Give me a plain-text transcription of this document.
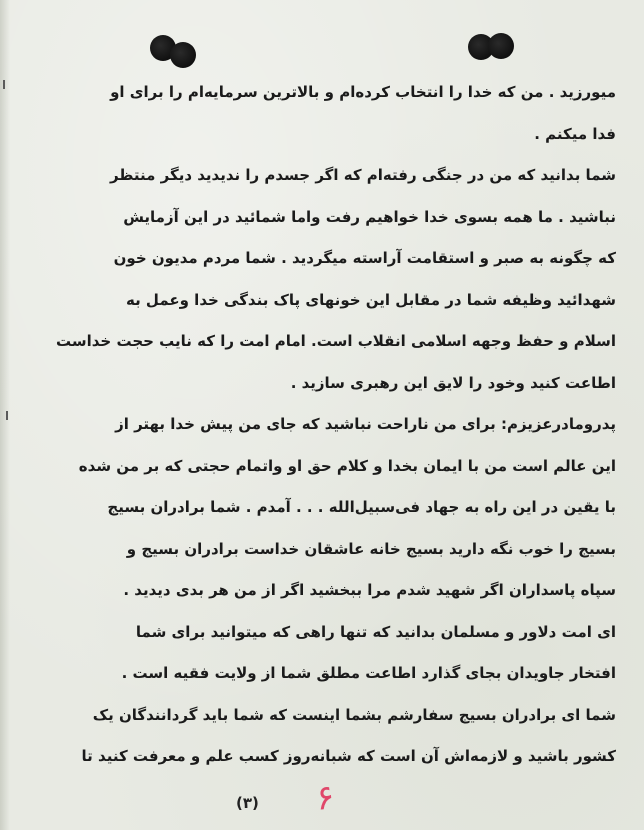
میورزید . من که خدا را انتخاب کرده‌ام و بالاترین سرمایه‌ام را برای او
فدا میکنم .
شما بدانید که من در جنگی رفته‌ام که اگر جسدم را ندیدید دیگر منتظر
نباشید . ما همه بسوی خدا خواهیم رفت واما شمائید در این آزمایش
که چگونه به صبر و استقامت آراسته میگردید . شما مردم مدیون خون
شهدائید وظیفه شما در مقابل این خونهای پاک بندگی خدا وعمل به
اسلام و حفظ وجهه اسلامی انقلاب است. امام امت را که نایب حجت خداست
اطاعت کنید وخود را لایق این رهبری سازید .
پدرومادرعزیزم: برای من ناراحت نباشید که جای من پیش خدا بهتر از
این عالم است من با ایمان بخدا و کلام حق او واتمام حجتی که بر من شده
با یقین در این راه به جهاد فی‌سبیل‌الله . . . آمدم . شما برادران بسیج
بسیج را خوب نگه دارید بسیج خانه عاشقان خداست برادران بسیج و
سپاه پاسداران اگر شهید شدم مرا ببخشید اگر از من هر بدی دیدید .
ای امت دلاور و مسلمان بدانید که تنها راهی که میتوانید برای شما
افتخار جاویدان بجای گذارد اطاعت مطلق شما از ولایت فقیه است .
شما ای برادران بسیج سفارشم بشما اینست که شما باید گردانندگان یک
کشور باشید و لازمه‌اش آن است که شبانه‌روز کسب علم و معرفت کنید تا
(۳) ۶
